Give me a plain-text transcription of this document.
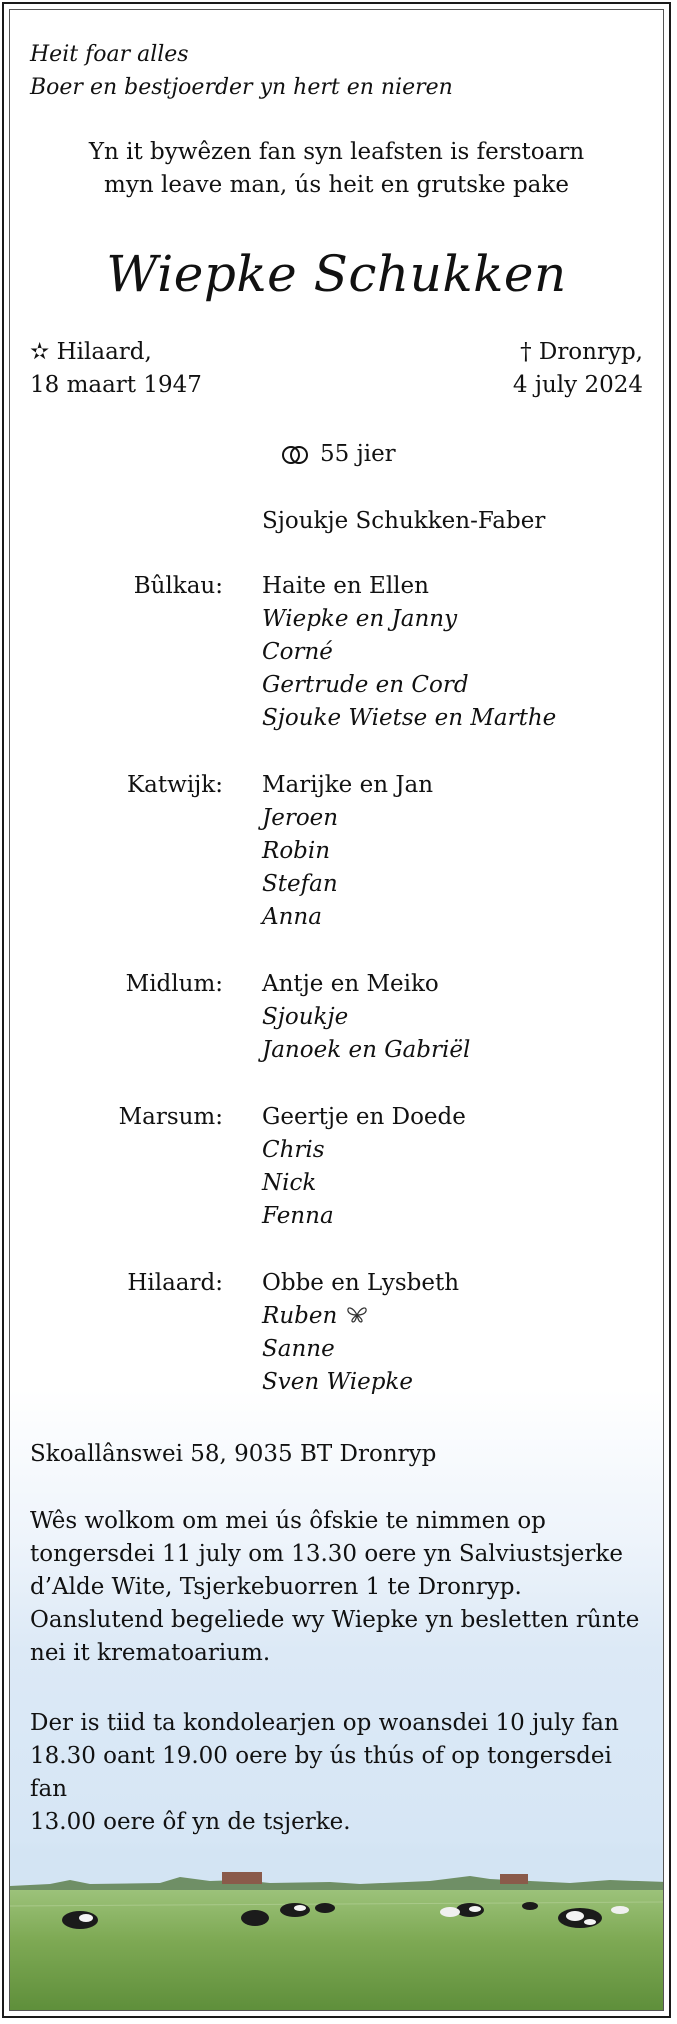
Heit foar alles
Boer en bestjoerder yn hert en nieren
Yn it bywêzen fan syn leafsten is ferstoarn
myn leave man, ús heit en grutske pake
Wiepke Schukken
✫ Hilaard,
18 maart 1947
† Dronryp,
4 july 2024
55 jier
Sjoukje Schukken-Faber
Bûlkau: Haite en Ellen
Wiepke en Janny
Corné
Gertrude en Cord
Sjouke Wietse en Marthe
Katwijk: Marijke en Jan
Jeroen
Robin
Stefan
Anna
Midlum: Antje en Meiko
Sjoukje
Janoek en Gabriël
Marsum: Geertje en Doede
Chris
Nick
Fenna
Hilaard: Obbe en Lysbeth
Ruben
Sanne
Sven Wiepke
Skoallânswei 58, 9035 BT Dronryp
Wês wolkom om mei ús ôfskie te nimmen op
tongersdei 11 july om 13.30 oere yn Salviustsjerke
d’Alde Wite, Tsjerkebuorren 1 te Dronryp.
Oanslutend begeliede wy Wiepke yn besletten rûnte
nei it krematoarium.
Der is tiid ta kondolearjen op woansdei 10 july fan
18.30 oant 19.00 oere by ús thús of op tongersdei fan
13.00 oere ôf yn de tsjerke.
